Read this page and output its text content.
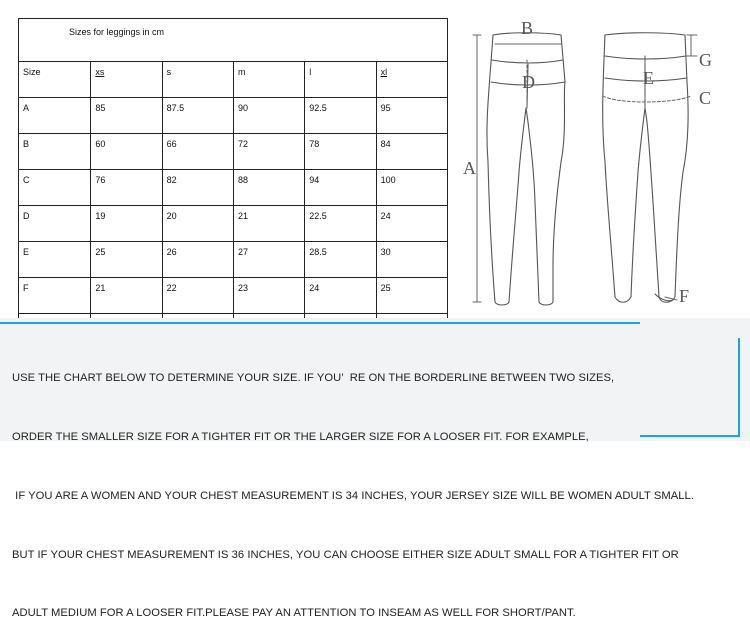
Sizes for leggings in cm					
Size	xs	s	m	l	xl
A	85	87.5	90	92.5	95
B	60	66	72	78	84
C	76	82	88	94	100
D	19	20	21	22.5	24
E	25	26	27	28.5	30
F	21	22	23	24	25

B
A
D	E
C
G
F

USE THE CHART BELOW TO DETERMINE YOUR SIZE. IF YOU’  RE ON THE BORDERLINE BETWEEN TWO SIZES,

ORDER THE SMALLER SIZE FOR A TIGHTER FIT OR THE LARGER SIZE FOR A LOOSER FIT. FOR EXAMPLE,

IF YOU ARE A WOMEN AND YOUR CHEST MEASUREMENT IS 34 INCHES, YOUR JERSEY SIZE WILL BE WOMEN ADULT SMALL.

BUT IF YOUR CHEST MEASUREMENT IS 36 INCHES, YOU CAN CHOOSE EITHER SIZE ADULT SMALL FOR A TIGHTER FIT OR

ADULT MEDIUM FOR A LOOSER FIT.PLEASE PAY AN ATTENTION TO INSEAM AS WELL FOR SHORT/PANT.
